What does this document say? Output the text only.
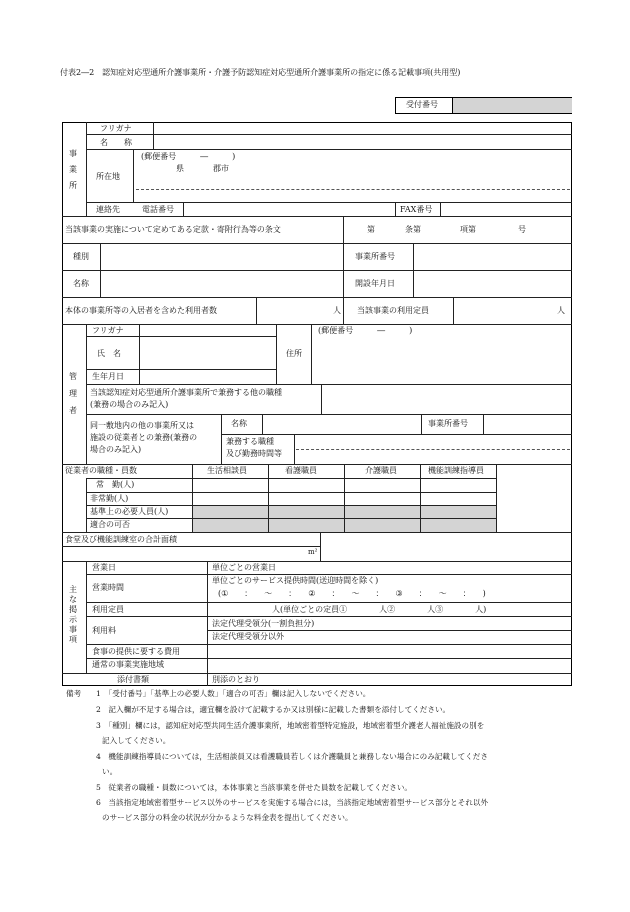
付表2―2　認知症対応型通所介護事業所・介護予防認知症対応型通所介護事業所の指定に係る記載事項(共用型)
受付番号
事
業
所
フリガナ
名　　称
所在地
(郵便番号　　　―　　　)
県	郡市
連絡先	電話番号	FAX番号
当該事業の実施について定めてある定款・寄附行為等の条文	第	条第	項第	号
種別	事業所番号
名称	開設年月日
本体の事業所等の入居者を含めた利用者数	人 当該事業の利用定員	人
管
理
者
フリガナ
氏　名	住所
(郵便番号　　　―　　　)
生年月日
当該認知症対応型通所介護事業所で兼務する他の職種
(兼務の場合のみ記入)
同一敷地内の他の事業所又は
施設の従業者との兼務(兼務の
場合のみ記入)
名称	事業所番号
兼務する職種
及び勤務時間等
従業者の職種・員数	生活相談員	看護職員	介護職員	機能訓練指導員
常　勤(人)
非常勤(人)
基準上の必要人員(人)
適合の可否
食堂及び機能訓練室の合計面積
m²
主
な
掲
示
事
項
営業日	単位ごとの営業日
営業時間
単位ごとのサービス提供時間(送迎時間を除く)
(①　　：　　～　　：　　②　　：　　～　　：　　③　　：　　～　　：　　)
利用定員	人(単位ごとの定員①　　　　人②　　　　人③　　　　人)
利用料
法定代理受領分(一割負担分)
法定代理受領分以外
食事の提供に要する費用
通常の事業実施地域
添付書類	別添のとおり
備考 1　「受付番号」「基準上の必要人数」「適合の可否」欄は記入しないでください。
2　記入欄が不足する場合は，適宜欄を設けて記載するか又は別様に記載した書類を添付してください。
3　「種別」欄には，認知症対応型共同生活介護事業所，地域密着型特定施設，地域密着型介護老人福祉施設の別を
記入してください。
4　機能訓練指導員については，生活相談員又は看護職員若しくは介護職員と兼務しない場合にのみ記載してくださ
い。
5　従業者の職種・員数については，本体事業と当該事業を併せた員数を記載してください。
6　当該指定地域密着型サービス以外のサービスを実施する場合には，当該指定地域密着型サービス部分とそれ以外
のサービス部分の料金の状況が分かるような料金表を提出してください。
